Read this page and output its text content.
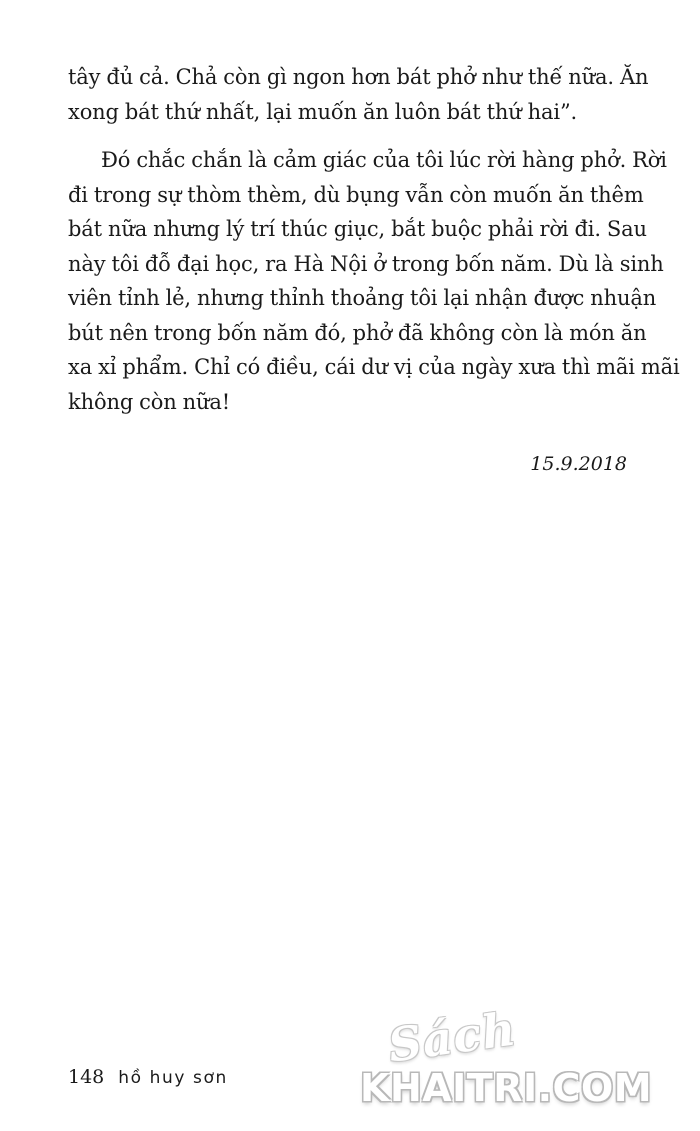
tây đủ cả. Chả còn gì ngon hơn bát phở như thế nữa. Ăn
xong bát thứ nhất, lại muốn ăn luôn bát thứ hai”.
Đó chắc chắn là cảm giác của tôi lúc rời hàng phở. Rời
đi trong sự thòm thèm, dù bụng vẫn còn muốn ăn thêm
bát nữa nhưng lý trí thúc giục, bắt buộc phải rời đi. Sau
này tôi đỗ đại học, ra Hà Nội ở trong bốn năm. Dù là sinh
viên tỉnh lẻ, nhưng thỉnh thoảng tôi lại nhận được nhuận
bút nên trong bốn năm đó, phở đã không còn là món ăn
xa xỉ phẩm. Chỉ có điều, cái dư vị của ngày xưa thì mãi mãi
không còn nữa!
15.9.2018
148 hồ huy sơn
Sách
KHAITRI.COM
